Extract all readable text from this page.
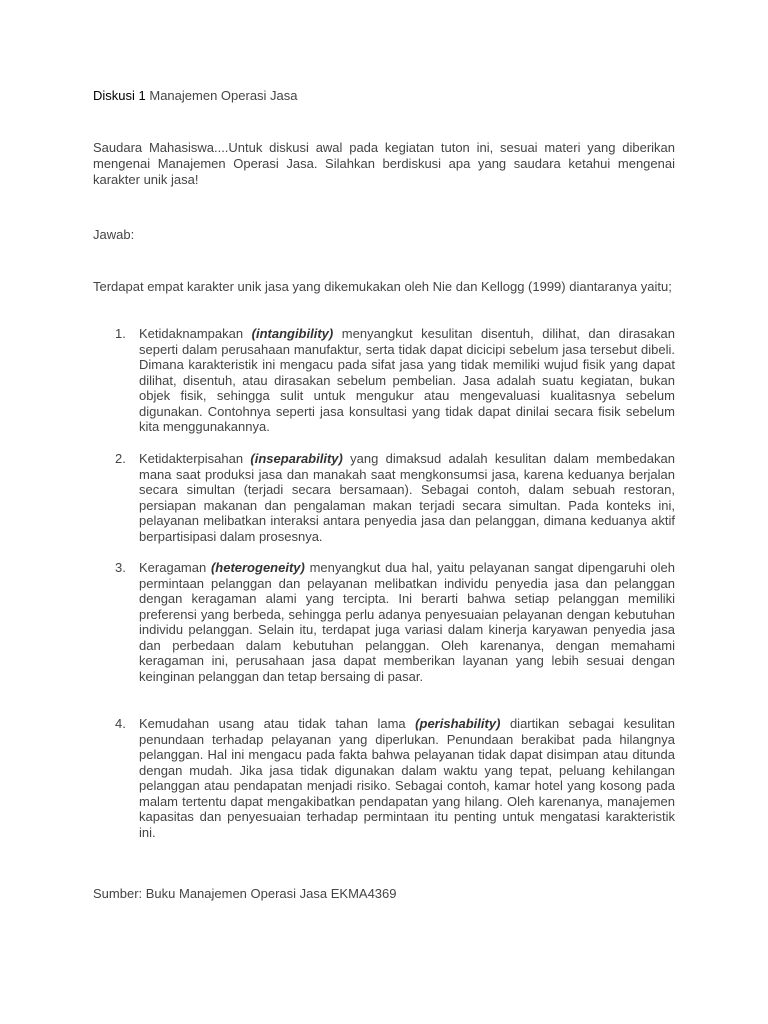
Diskusi 1 Manajemen Operasi Jasa
Saudara Mahasiswa....Untuk diskusi awal pada kegiatan tuton ini, sesuai materi yang diberikan mengenai Manajemen Operasi Jasa. Silahkan berdiskusi apa yang saudara ketahui mengenai karakter unik jasa!
Jawab:
Terdapat empat karakter unik jasa yang dikemukakan oleh Nie dan Kellogg (1999) diantaranya yaitu;
1. Ketidaknampakan (intangibility) menyangkut kesulitan disentuh, dilihat, dan dirasakan seperti dalam perusahaan manufaktur, serta tidak dapat dicicipi sebelum jasa tersebut dibeli. Dimana karakteristik ini mengacu pada sifat jasa yang tidak memiliki wujud fisik yang dapat dilihat, disentuh, atau dirasakan sebelum pembelian. Jasa adalah suatu kegiatan, bukan objek fisik, sehingga sulit untuk mengukur atau mengevaluasi kualitasnya sebelum digunakan. Contohnya seperti jasa konsultasi yang tidak dapat dinilai secara fisik sebelum kita menggunakannya.
2. Ketidakterpisahan (inseparability) yang dimaksud adalah kesulitan dalam membedakan mana saat produksi jasa dan manakah saat mengkonsumsi jasa, karena keduanya berjalan secara simultan (terjadi secara bersamaan). Sebagai contoh, dalam sebuah restoran, persiapan makanan dan pengalaman makan terjadi secara simultan. Pada konteks ini, pelayanan melibatkan interaksi antara penyedia jasa dan pelanggan, dimana keduanya aktif berpartisipasi dalam prosesnya.
3. Keragaman (heterogeneity) menyangkut dua hal, yaitu pelayanan sangat dipengaruhi oleh permintaan pelanggan dan pelayanan melibatkan individu penyedia jasa dan pelanggan dengan keragaman alami yang tercipta. Ini berarti bahwa setiap pelanggan memiliki preferensi yang berbeda, sehingga perlu adanya penyesuaian pelayanan dengan kebutuhan individu pelanggan. Selain itu, terdapat juga variasi dalam kinerja karyawan penyedia jasa dan perbedaan dalam kebutuhan pelanggan. Oleh karenanya, dengan memahami keragaman ini, perusahaan jasa dapat memberikan layanan yang lebih sesuai dengan keinginan pelanggan dan tetap bersaing di pasar.
4. Kemudahan usang atau tidak tahan lama (perishability) diartikan sebagai kesulitan penundaan terhadap pelayanan yang diperlukan. Penundaan berakibat pada hilangnya pelanggan. Hal ini mengacu pada fakta bahwa pelayanan tidak dapat disimpan atau ditunda dengan mudah. Jika jasa tidak digunakan dalam waktu yang tepat, peluang kehilangan pelanggan atau pendapatan menjadi risiko. Sebagai contoh, kamar hotel yang kosong pada malam tertentu dapat mengakibatkan pendapatan yang hilang. Oleh karenanya, manajemen kapasitas dan penyesuaian terhadap permintaan itu penting untuk mengatasi karakteristik ini.
Sumber: Buku Manajemen Operasi Jasa EKMA4369
